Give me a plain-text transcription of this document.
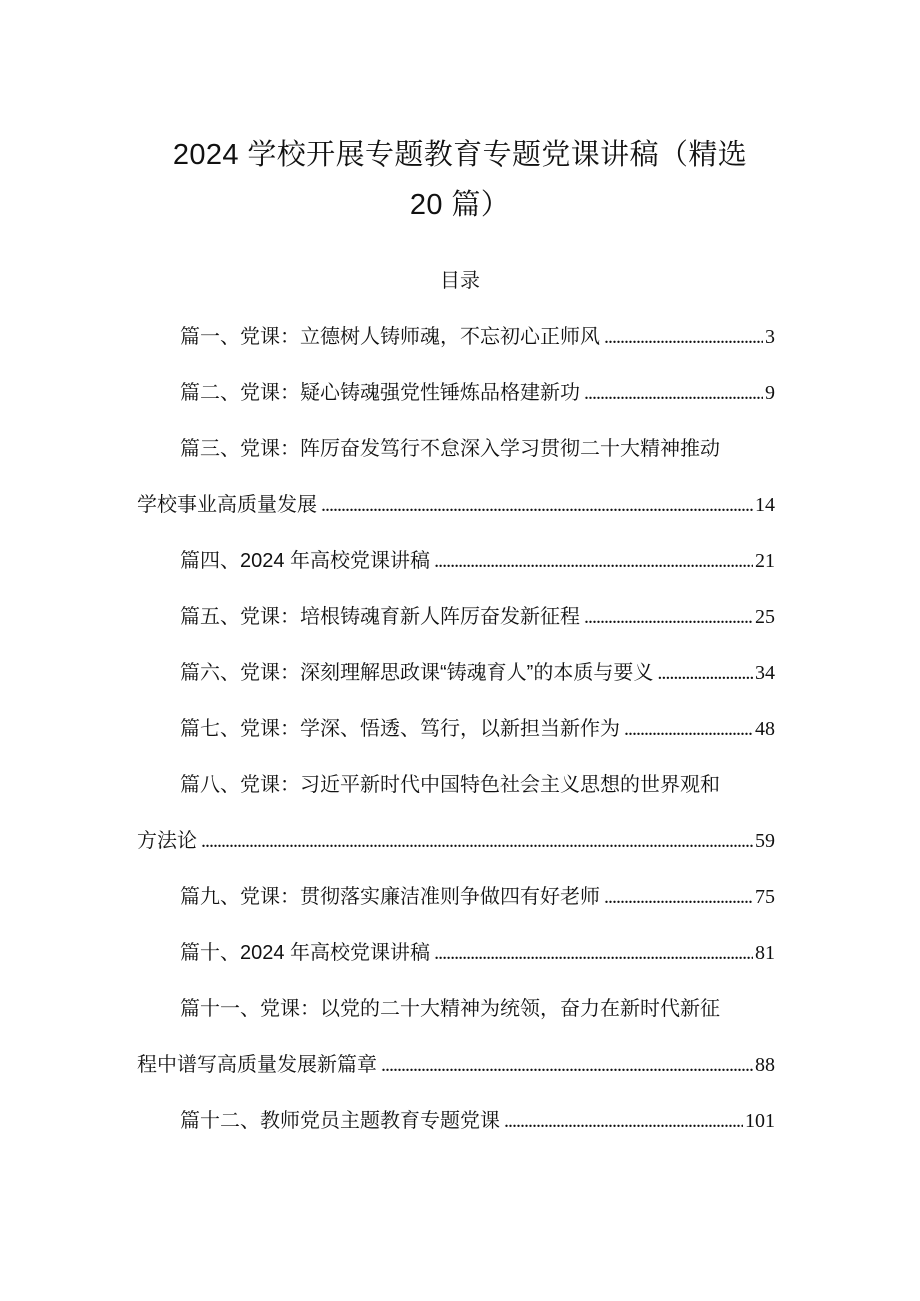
2024 学校开展专题教育专题党课讲稿（精选
20 篇）
目录
篇一、党课：立德树人铸师魂，不忘初心正师风 .....	3
篇二、党课：疑心铸魂强党性锤炼品格建新功 .....	9
篇三、党课：阵厉奋发笃行不怠深入学习贯彻二十大精神推动
学校事业高质量发展 .....	14
篇四、2024 年高校党课讲稿 .....	21
篇五、党课：培根铸魂育新人阵厉奋发新征程 .....	25
篇六、党课：深刻理解思政课“铸魂育人”的本质与要义 .....	34
篇七、党课：学深、悟透、笃行，以新担当新作为 .....	48
篇八、党课：习近平新时代中国特色社会主义思想的世界观和
方法论 .....	59
篇九、党课：贯彻落实廉洁准则争做四有好老师 .....	75
篇十、2024 年高校党课讲稿 .....	81
篇十一、党课：以党的二十大精神为统领，奋力在新时代新征
程中谱写高质量发展新篇章 .....	88
篇十二、教师党员主题教育专题党课 .....	101
